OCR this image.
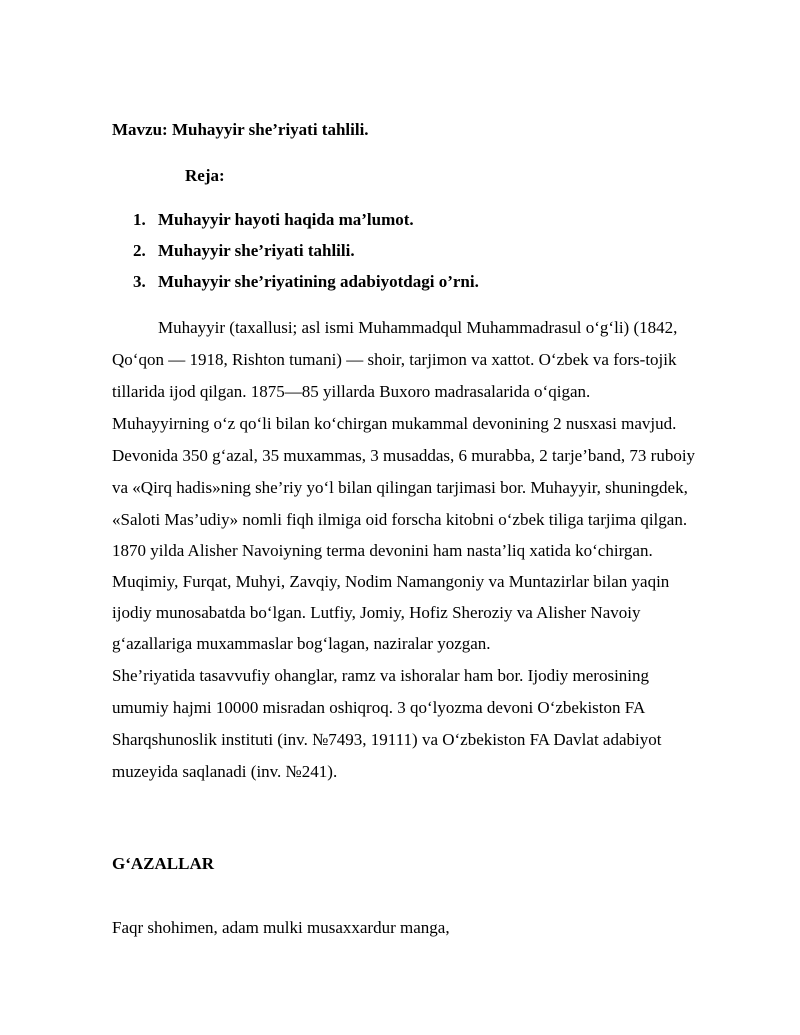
Mavzu: Muhayyir she’riyati tahlili.
Reja:
1. Muhayyir hayoti haqida ma’lumot.
2. Muhayyir she’riyati tahlili.
3. Muhayyir she’riyatining adabiyotdagi o’rni.
Muhayyir (taxallusi; asl ismi Muhammadqul Muhammadrasul o‘g‘li) (1842,
Qo‘qon — 1918, Rishton tumani) — shoir, tarjimon va xattot. O‘zbek va fors-tojik
tillarida ijod qilgan. 1875—85 yillarda Buxoro madrasalarida o‘qigan.
Muhayyirning o‘z qo‘li bilan ko‘chirgan mukammal devonining 2 nusxasi mavjud.
Devonida 350 g‘azal, 35 muxammas, 3 musaddas, 6 murabba, 2 tarje’band, 73 ruboiy
va «Qirq hadis»ning she’riy yo‘l bilan qilingan tarjimasi bor. Muhayyir, shuningdek,
«Saloti Mas’udiy» nomli fiqh ilmiga oid forscha kitobni o‘zbek tiliga tarjima qilgan.
1870 yilda Alisher Navoiyning terma devonini ham nasta’liq xatida ko‘chirgan.
Muqimiy, Furqat, Muhyi, Zavqiy, Nodim Namangoniy va Muntazirlar bilan yaqin
ijodiy munosabatda bo‘lgan. Lutfiy, Jomiy, Hofiz Sheroziy va Alisher Navoiy
g‘azallariga muxammaslar bog‘lagan, naziralar yozgan.
She’riyatida tasavvufiy ohanglar, ramz va ishoralar ham bor. Ijodiy merosining
umumiy hajmi 10000 misradan oshiqroq. 3 qo‘lyozma devoni O‘zbekiston FA
Sharqshunoslik instituti (inv. №7493, 19111) va O‘zbekiston FA Davlat adabiyot
muzeyida saqlanadi (inv. №241).
G‘AZALLAR
Faqr shohimen, adam mulki musaxxardur manga,
